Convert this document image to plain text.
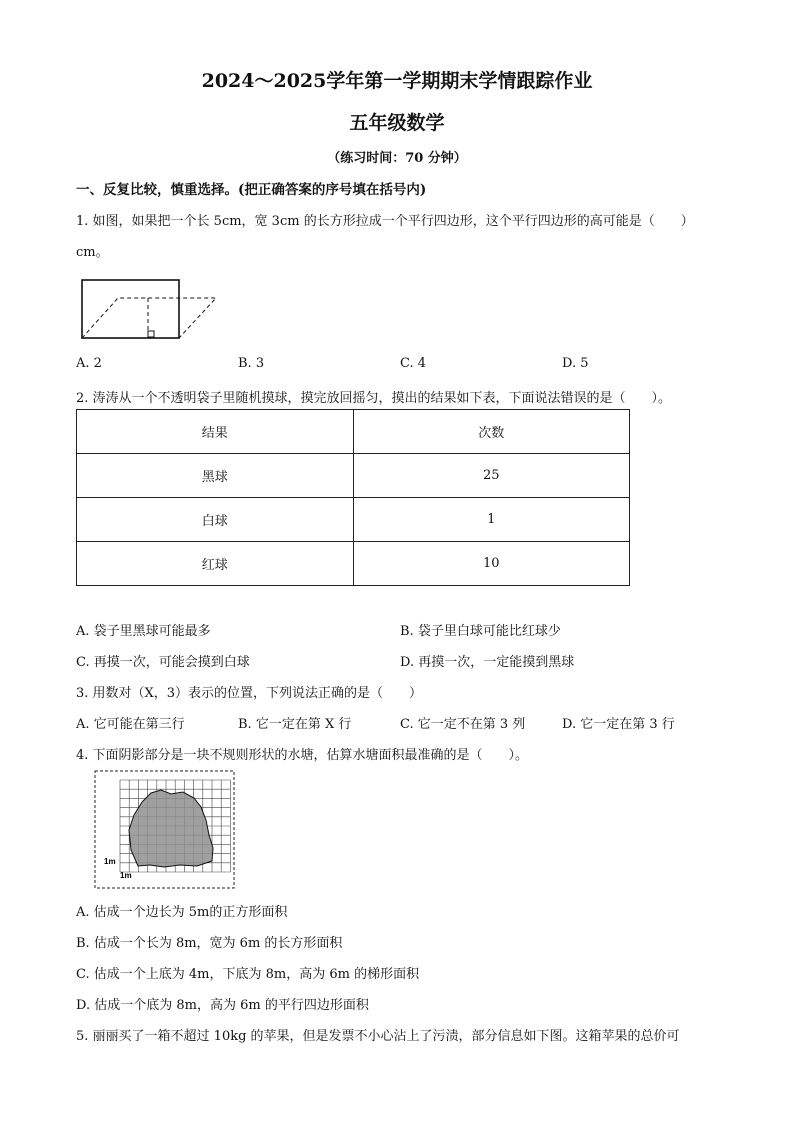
2024～2025学年第一学期期末学情跟踪作业
五年级数学
（练习时间：70 分钟）
一、反复比较，慎重选择。(把正确答案的序号填在括号内)
1. 如图，如果把一个长 5cm，宽 3cm 的长方形拉成一个平行四边形，这个平行四边形的高可能是（　　）
cm。
A. 2	B. 3	C. 4	D. 5
2. 涛涛从一个不透明袋子里随机摸球，摸完放回摇匀，摸出的结果如下表，下面说法错误的是（　　）。
结果	次数
黑球	25
白球	1
红球	10
A. 袋子里黑球可能最多	B. 袋子里白球可能比红球少
C. 再摸一次，可能会摸到白球	D. 再摸一次，一定能摸到黑球
3. 用数对（X，3）表示的位置，下列说法正确的是（　　）
A. 它可能在第三行	B. 它一定在第 X 行	C. 它一定不在第 3 列	D. 它一定在第 3 行
4. 下面阴影部分是一块不规则形状的水塘，估算水塘面积最准确的是（　　）。
1m
1m
A. 估成一个边长为 5m的正方形面积
B. 估成一个长为 8m，宽为 6m 的长方形面积
C. 估成一个上底为 4m，下底为 8m，高为 6m 的梯形面积
D. 估成一个底为 8m，高为 6m 的平行四边形面积
5. 丽丽买了一箱不超过 10kg 的苹果，但是发票不小心沾上了污渍，部分信息如下图。这箱苹果的总价可
